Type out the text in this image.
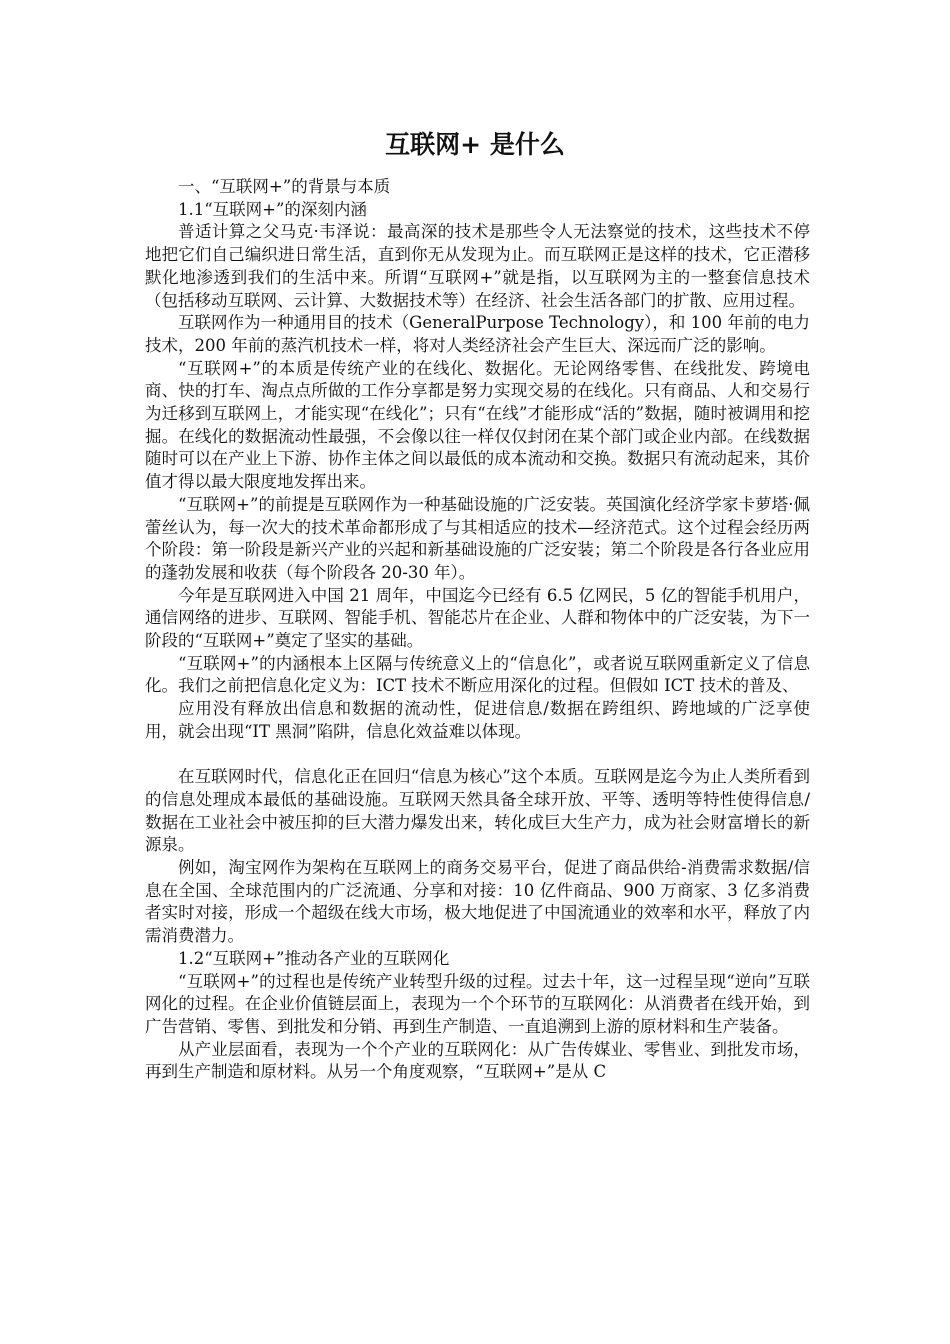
互联网+ 是什么

一、“互联网+”的背景与本质

1.1“互联网+”的深刻内涵

普适计算之父马克·韦泽说：最高深的技术是那些令人无法察觉的技术，这些技术不停地把它们自己编织进日常生活，直到你无从发现为止。而互联网正是这样的技术，它正潜移默化地渗透到我们的生活中来。所谓“互联网+”就是指，以互联网为主的一整套信息技术（包括移动互联网、云计算、大数据技术等）在经济、社会生活各部门的扩散、应用过程。

互联网作为一种通用目的技术（GeneralPurpose Technology），和 100 年前的电力技术，200 年前的蒸汽机技术一样，将对人类经济社会产生巨大、深远而广泛的影响。

“互联网+”的本质是传统产业的在线化、数据化。无论网络零售、在线批发、跨境电商、快的打车、淘点点所做的工作分享都是努力实现交易的在线化。只有商品、人和交易行为迁移到互联网上，才能实现“在线化”；只有“在线”才能形成“活的”数据，随时被调用和挖掘。在线化的数据流动性最强，不会像以往一样仅仅封闭在某个部门或企业内部。在线数据随时可以在产业上下游、协作主体之间以最低的成本流动和交换。数据只有流动起来，其价值才得以最大限度地发挥出来。

“互联网+”的前提是互联网作为一种基础设施的广泛安装。英国演化经济学家卡萝塔·佩蕾丝认为，每一次大的技术革命都形成了与其相适应的技术—经济范式。这个过程会经历两个阶段：第一阶段是新兴产业的兴起和新基础设施的广泛安装；第二个阶段是各行各业应用的蓬勃发展和收获（每个阶段各 20-30 年）。

今年是互联网进入中国 21 周年，中国迄今已经有 6.5 亿网民，5 亿的智能手机用户，通信网络的进步、互联网、智能手机、智能芯片在企业、人群和物体中的广泛安装，为下一阶段的“互联网+”奠定了坚实的基础。

“互联网+”的内涵根本上区隔与传统意义上的“信息化”，或者说互联网重新定义了信息化。我们之前把信息化定义为：ICT 技术不断应用深化的过程。但假如 ICT 技术的普及、

应用没有释放出信息和数据的流动性，促进信息/数据在跨组织、跨地域的广泛享使用，就会出现“IT 黑洞”陷阱，信息化效益难以体现。

在互联网时代，信息化正在回归“信息为核心”这个本质。互联网是迄今为止人类所看到的信息处理成本最低的基础设施。互联网天然具备全球开放、平等、透明等特性使得信息/数据在工业社会中被压抑的巨大潜力爆发出来，转化成巨大生产力，成为社会财富增长的新源泉。

例如，淘宝网作为架构在互联网上的商务交易平台，促进了商品供给-消费需求数据/信息在全国、全球范围内的广泛流通、分享和对接：10 亿件商品、900 万商家、3 亿多消费者实时对接，形成一个超级在线大市场，极大地促进了中国流通业的效率和水平，释放了内需消费潜力。

1.2“互联网+”推动各产业的互联网化

“互联网+”的过程也是传统产业转型升级的过程。过去十年，这一过程呈现“逆向”互联网化的过程。在企业价值链层面上，表现为一个个环节的互联网化：从消费者在线开始，到广告营销、零售、到批发和分销、再到生产制造、一直追溯到上游的原材料和生产装备。

从产业层面看，表现为一个个产业的互联网化：从广告传媒业、零售业、到批发市场，再到生产制造和原材料。从另一个角度观察，“互联网+”是从 C
